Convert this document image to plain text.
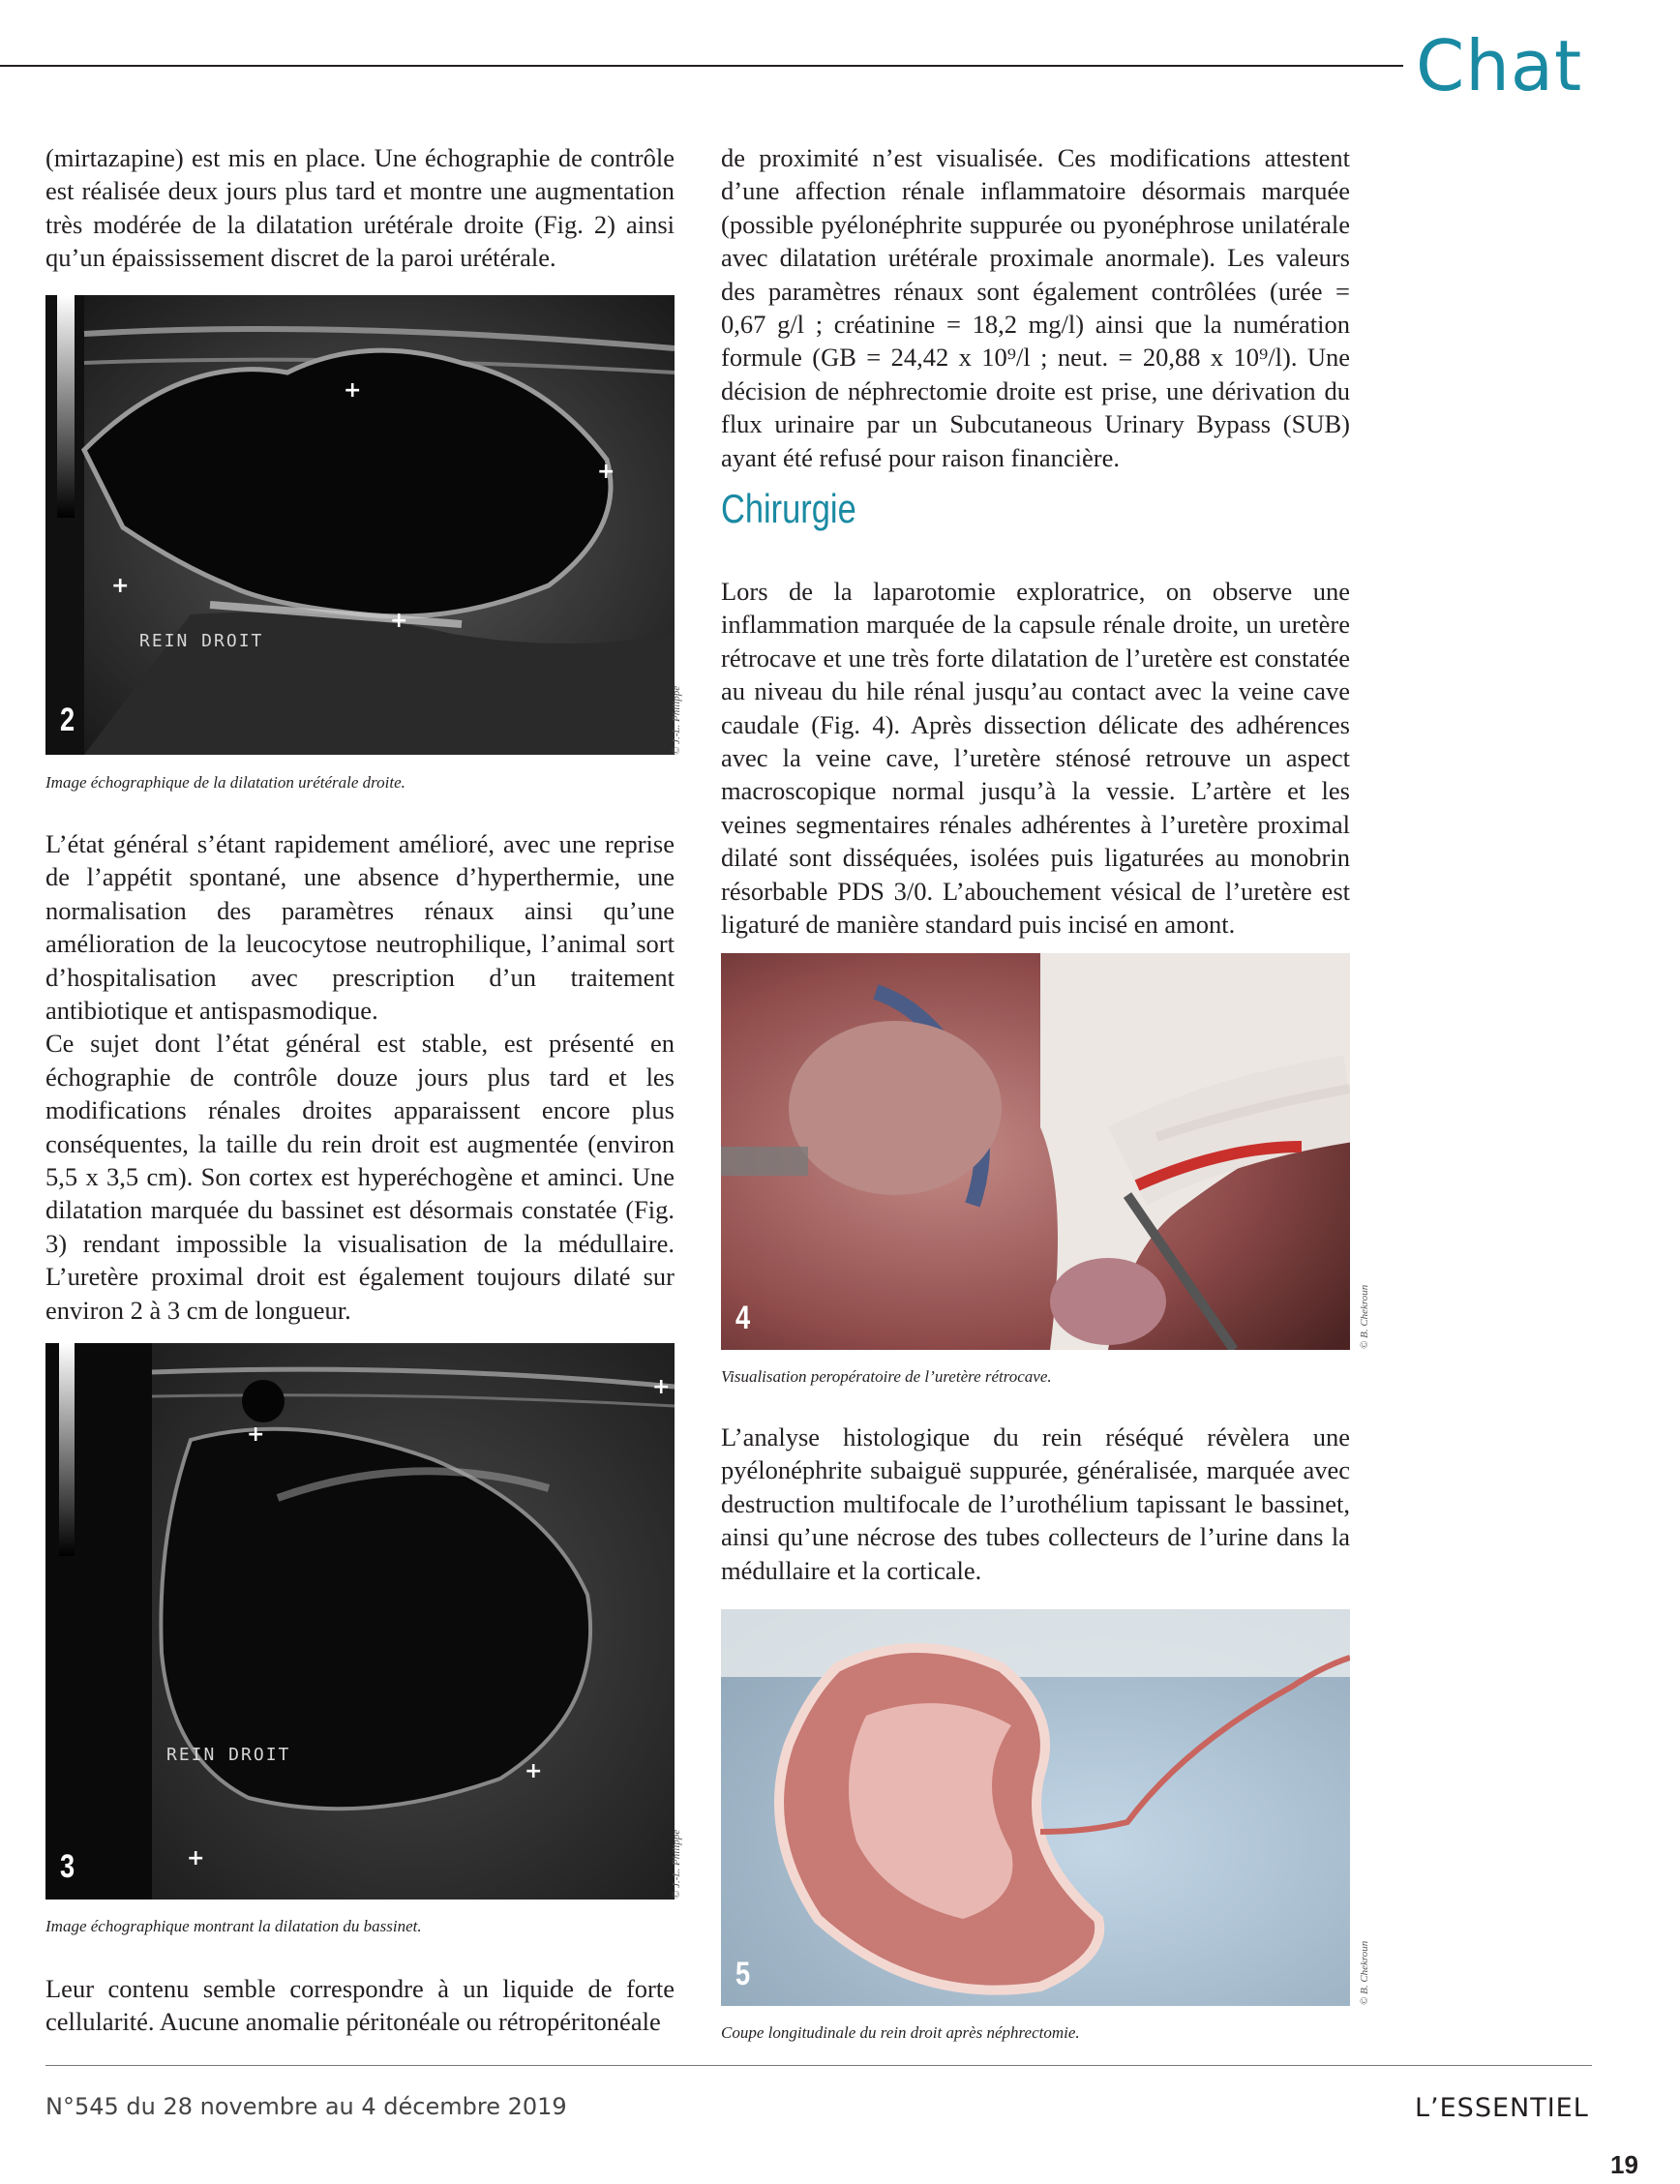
Chat

(mirtazapine) est mis en place. Une échographie de contrôle est réalisée deux jours plus tard et montre une augmentation très modérée de la dilatation urétérale droite (Fig. 2) ainsi qu’un épaississement discret de la paroi urétérale.

+
+
+
+
REIN DROIT
2	© J.-L. Philippe
Image échographique de la dilatation urétérale droite.

L’état général s’étant rapidement amélioré, avec une reprise de l’appétit spontané, une absence d’hyperthermie, une normalisation des paramètres rénaux ainsi qu’une amélioration de la leucocytose neutrophilique, l’animal sort d’hospitalisation avec prescription d’un traitement antibiotique et antispasmodique.

Ce sujet dont l’état général est stable, est présenté en échographie de contrôle douze jours plus tard et les modifications rénales droites apparaissent encore plus conséquentes, la taille du rein droit est augmentée (environ 5,5 x 3,5 cm). Son cortex est hyperéchogène et aminci. Une dilatation marquée du bassinet est désormais constatée (Fig. 3) rendant impossible la visualisation de la médullaire. L’uretère proximal droit est également toujours dilaté sur environ 2 à 3 cm de longueur.

+
+
+
+
REIN DROIT
3	© J.-L. Philippe
Image échographique montrant la dilatation du bassinet.

Leur contenu semble correspondre à un liquide de forte cellularité. Aucune anomalie péritonéale ou rétropéritonéale

de proximité n’est visualisée. Ces modifications attestent d’une affection rénale inflammatoire désormais marquée (possible pyélonéphrite suppurée ou pyonéphrose unilatérale avec dilatation urétérale proximale anormale). Les valeurs des paramètres rénaux sont également contrôlées (urée = 0,67 g/l ; créatinine = 18,2 mg/l) ainsi que la numération formule (GB = 24,42 x 10⁹/l ; neut. = 20,88 x 10⁹/l). Une décision de néphrectomie droite est prise, une dérivation du flux urinaire par un Subcutaneous Urinary Bypass (SUB) ayant été refusé pour raison financière.

Chirurgie

Lors de la laparotomie exploratrice, on observe une inflammation marquée de la capsule rénale droite, un uretère rétrocave et une très forte dilatation de l’uretère est constatée au niveau du hile rénal jusqu’au contact avec la veine cave caudale (Fig. 4). Après dissection délicate des adhérences avec la veine cave, l’uretère sténosé retrouve un aspect macroscopique normal jusqu’à la vessie. L’artère et les veines segmentaires rénales adhérentes à l’uretère proximal dilaté sont disséquées, isolées puis ligaturées au monobrin résorbable PDS 3/0. L’abouchement vésical de l’uretère est ligaturé de manière standard puis incisé en amont.

4	© B. Chekroun
Visualisation peropératoire de l’uretère rétrocave.

L’analyse histologique du rein réséqué révèlera une pyélonéphrite subaiguë suppurée, généralisée, marquée avec destruction multifocale de l’urothélium tapissant le bassinet, ainsi qu’une nécrose des tubes collecteurs de l’urine dans la médullaire et la corticale.

5	© B. Chekroun
Coupe longitudinale du rein droit après néphrectomie.
N°545 du 28 novembre au 4 décembre 2019	L’ESSENTIEL
19
